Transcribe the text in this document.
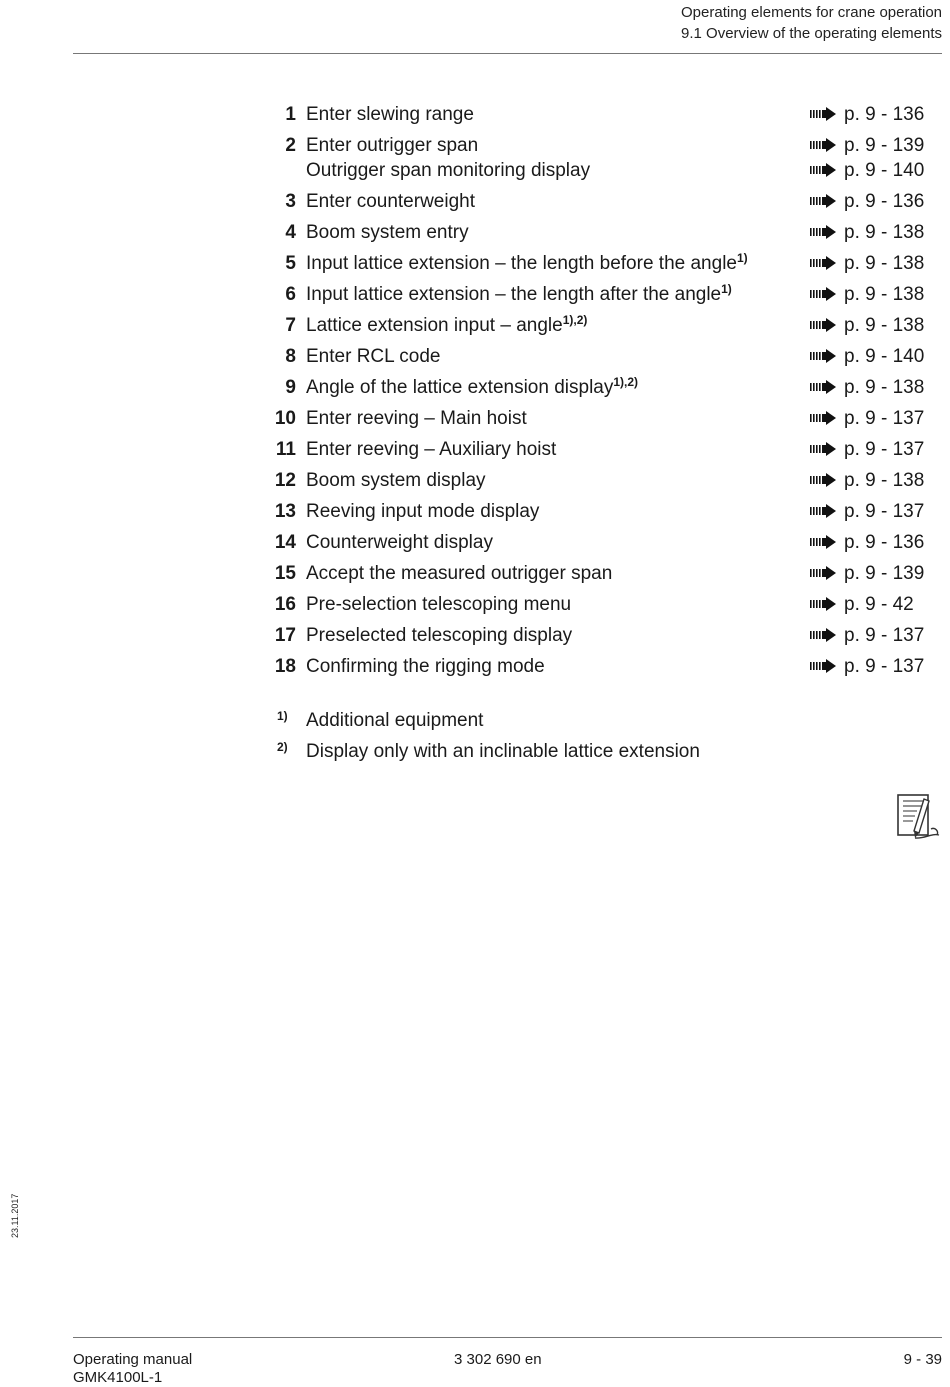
Operating elements for crane operation
9.1 Overview of the operating elements
1 Enter slewing range	p. 9 - 136
2 Enter outrigger span	p. 9 - 139
Outrigger span monitoring display	p. 9 - 140
3 Enter counterweight	p. 9 - 136
4 Boom system entry	p. 9 - 138
5 Input lattice extension – the length before the angle$^{1)}$	p. 9 - 138
6 Input lattice extension – the length after the angle$^{1)}$	p. 9 - 138
7 Lattice extension input – angle$^{1),2)}$	p. 9 - 138
8 Enter RCL code	p. 9 - 140
9 Angle of the lattice extension display$^{1),2)}$	p. 9 - 138
10 Enter reeving – Main hoist	p. 9 - 137
11 Enter reeving – Auxiliary hoist	p. 9 - 137
12 Boom system display	p. 9 - 138
13 Reeving input mode display	p. 9 - 137
14 Counterweight display	p. 9 - 136
15 Accept the measured outrigger span	p. 9 - 139
16 Pre-selection telescoping menu	p. 9 - 42
17 Preselected telescoping display	p. 9 - 137
18 Confirming the rigging mode	p. 9 - 137
1) Additional equipment
2) Display only with an inclinable lattice extension
23.11.2017
Operating manual
GMK4100L-1
3 302 690 en	9 - 39
